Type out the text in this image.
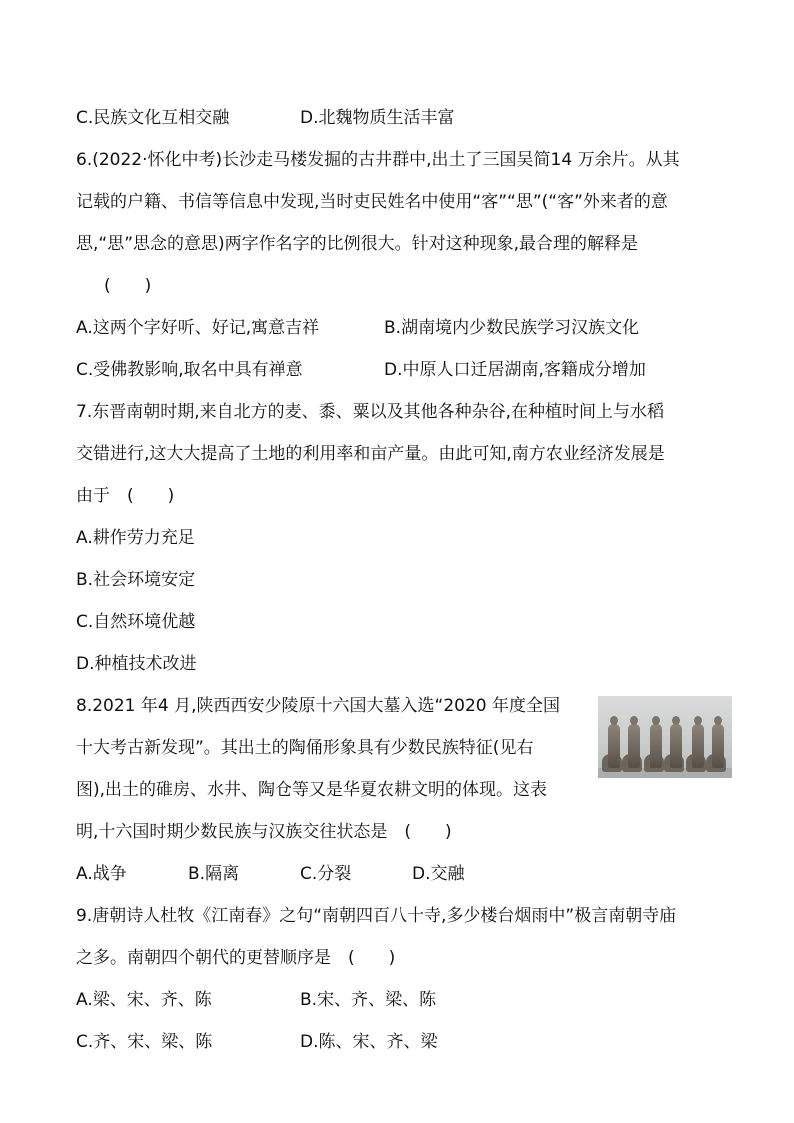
C.民族文化互相交融	D.北魏物质生活丰富
6.(2022·怀化中考)长沙走马楼发掘的古井群中,出土了三国吴简14 万余片。从其
记载的户籍、书信等信息中发现,当时吏民姓名中使用“客”“思”(“客”外来者的意
思,“思”思念的意思)两字作名字的比例很大。针对这种现象,最合理的解释是
(　　)
A.这两个字好听、好记,寓意吉祥	B.湖南境内少数民族学习汉族文化
C.受佛教影响,取名中具有禅意	D.中原人口迁居湖南,客籍成分增加
7.东晋南朝时期,来自北方的麦、黍、粟以及其他各种杂谷,在种植时间上与水稻
交错进行,这大大提高了土地的利用率和亩产量。由此可知,南方农业经济发展是
由于　(　　)
A.耕作劳力充足
B.社会环境安定
C.自然环境优越
D.种植技术改进
8.2021 年4 月,陕西西安少陵原十六国大墓入选“2020 年度全国
十大考古新发现”。其出土的陶俑形象具有少数民族特征(见右
图),出土的碓房、水井、陶仓等又是华夏农耕文明的体现。这表
明,十六国时期少数民族与汉族交往状态是　(　　)
A.战争	B.隔离	C.分裂	D.交融
9.唐朝诗人杜牧《江南春》之句“南朝四百八十寺,多少楼台烟雨中”极言南朝寺庙
之多。南朝四个朝代的更替顺序是　(　　)
A.梁、宋、齐、陈	B.宋、齐、梁、陈
C.齐、宋、梁、陈	D.陈、宋、齐、梁
